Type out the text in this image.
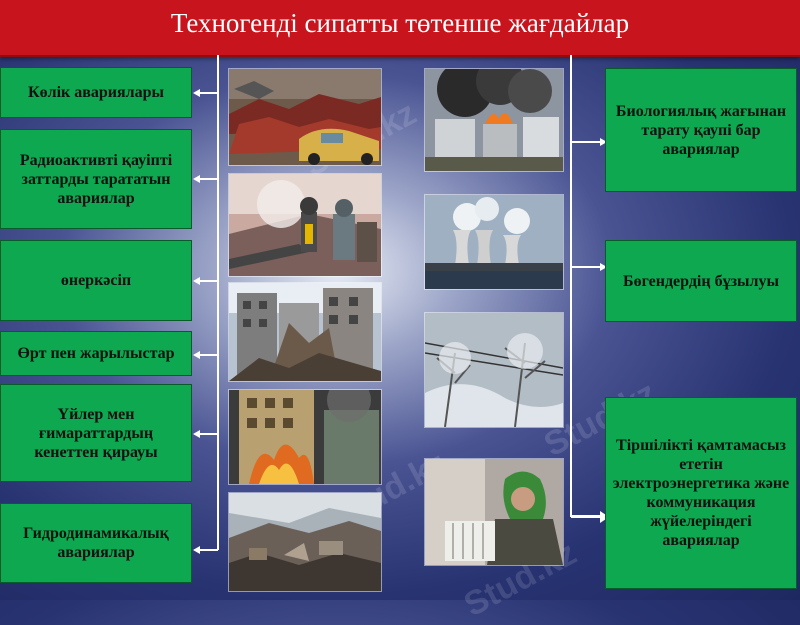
Техногенді сипатты төтенше жағдайлар
Stud.kz
Stud.kz
Stud.kz
Көлік авариялары
Радиоактивті қауіпті заттарды тарататын авариялар
өнеркәсіп
Өрт пен жарылыстар
Үйлер мен ғимараттардың кенеттен қирауы
Гидродинамикалық авариялар
Биологиялық жағынан тарату қаупі бар авариялар
Бөгендердің бұзылуы
Тіршілікті қамтамасыз ететін электроэнергетика және коммуникация жүйелеріндегі авариялар
